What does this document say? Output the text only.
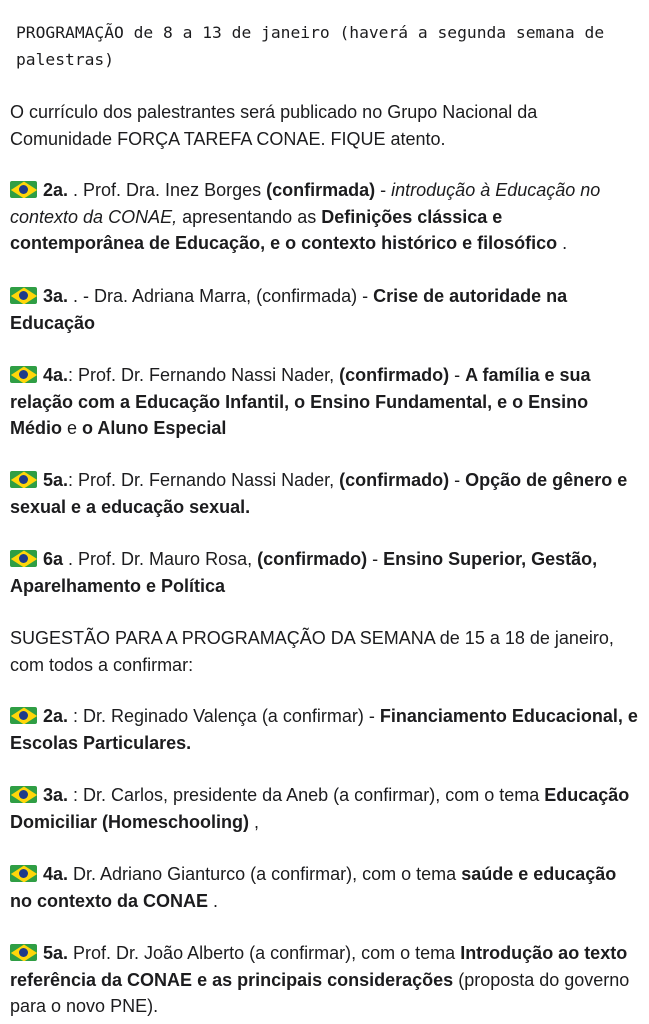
PROGRAMAÇÃO de 8 a 13 de janeiro (haverá a segunda semana de palestras)

O currículo dos palestrantes será publicado no Grupo Nacional da Comunidade FORÇA TAREFA CONAE. FIQUE atento.

2a. . Prof. Dra. Inez Borges (confirmada) - introdução à Educação no contexto da CONAE, apresentando as Definições clássica e contemporânea de Educação, e o contexto histórico e filosófico .

3a. . - Dra. Adriana Marra, (confirmada) - Crise de autoridade na Educação

4a.: Prof. Dr. Fernando Nassi Nader, (confirmado) - A família e sua relação com a Educação Infantil, o Ensino Fundamental, e o Ensino Médio e o Aluno Especial

5a.: Prof. Dr. Fernando Nassi Nader, (confirmado) - Opção de gênero e sexual e a educação sexual.

6a . Prof. Dr. Mauro Rosa, (confirmado) - Ensino Superior, Gestão, Aparelhamento e Política

SUGESTÃO PARA A PROGRAMAÇÃO DA SEMANA de 15 a 18 de janeiro, com todos a confirmar:

2a. : Dr. Reginado Valença (a confirmar) - Financiamento Educacional, e Escolas Particulares.

3a. : Dr. Carlos, presidente da Aneb (a confirmar), com o tema Educação Domiciliar (Homeschooling) ,

4a. Dr. Adriano Gianturco (a confirmar), com o tema saúde e educação no contexto da CONAE .

5a. Prof. Dr. João Alberto (a confirmar), com o tema Introdução ao texto referência da CONAE e as principais considerações (proposta do governo para o novo PNE).
